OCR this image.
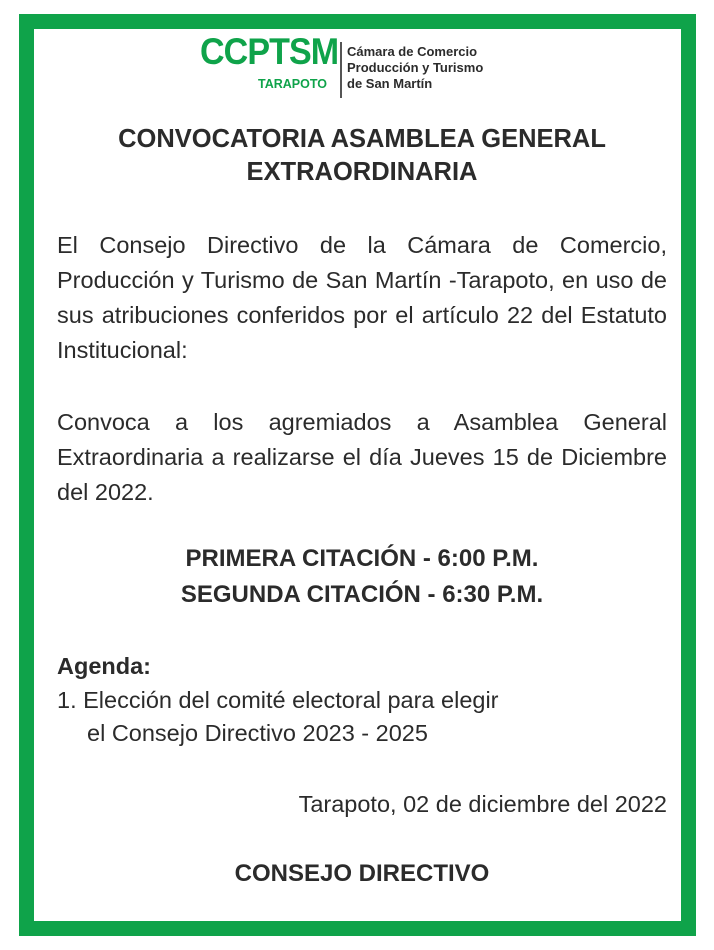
CCPTSM
TARAPOTO
Cámara de Comercio
Producción y Turismo
de San Martín
CONVOCATORIA ASAMBLEA GENERAL
EXTRAORDINARIA
El Consejo Directivo de la Cámara de Comercio, Producción y Turismo de San Martín -Tarapoto, en uso de sus atribuciones conferidos por el artículo 22 del Estatuto Institucional:
Convoca a los agremiados a Asamblea General Extraordinaria a realizarse el día Jueves 15 de Diciembre del 2022.
PRIMERA CITACIÓN - 6:00 P.M.
SEGUNDA CITACIÓN - 6:30 P.M.
Agenda:
1. Elección del comité electoral para elegir
el Consejo Directivo 2023 - 2025
Tarapoto, 02 de diciembre del 2022
CONSEJO DIRECTIVO
